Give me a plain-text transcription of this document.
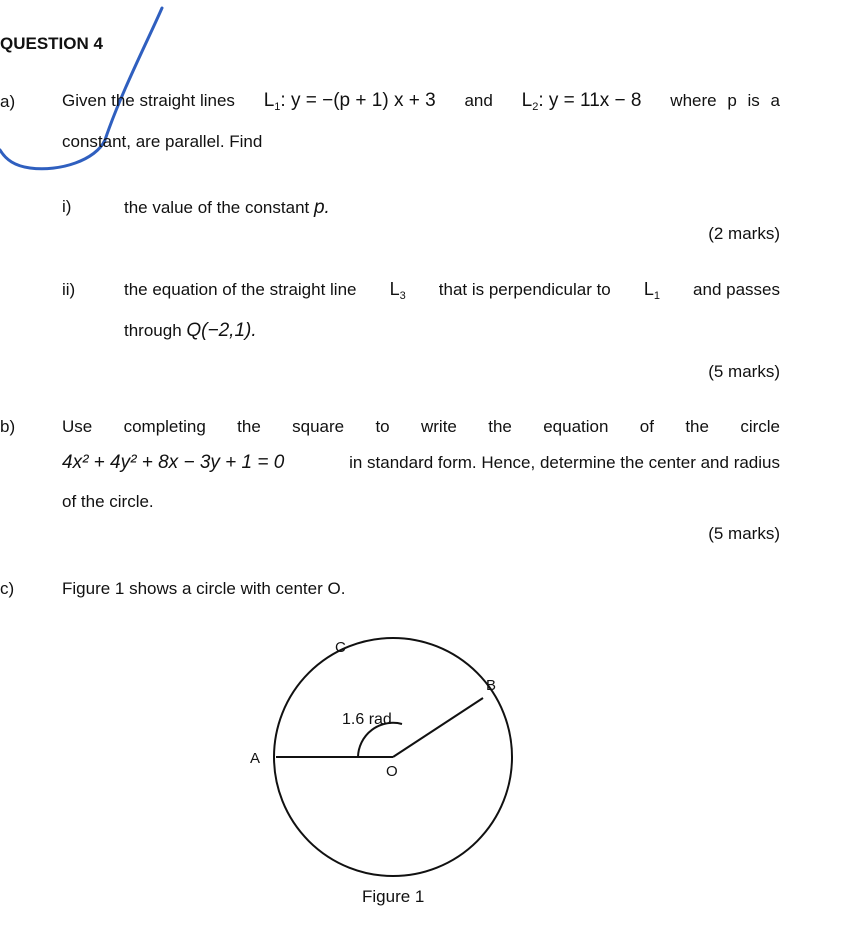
QUESTION 4
a)	Given the straight lines $L_1$: y = −(p + 1) x + 3 and $L_2$: y = 11x − 8 where p is a
constant, are parallel. Find
i)	the value of the constant p.
(2 marks)
ii)	the equation of the straight line $L_3$ that is perpendicular to $L_1$ and passes
through Q(−2,1).
(5 marks)
b)	Use completing the square to write the equation of the circle
4x² + 4y² + 8x − 3y + 1 = 0	in standard form. Hence, determine the center and radius
of the circle.
(5 marks)
c)	Figure 1 shows a circle with center O.
1.6 rad
C
B
A
O
Figure 1
